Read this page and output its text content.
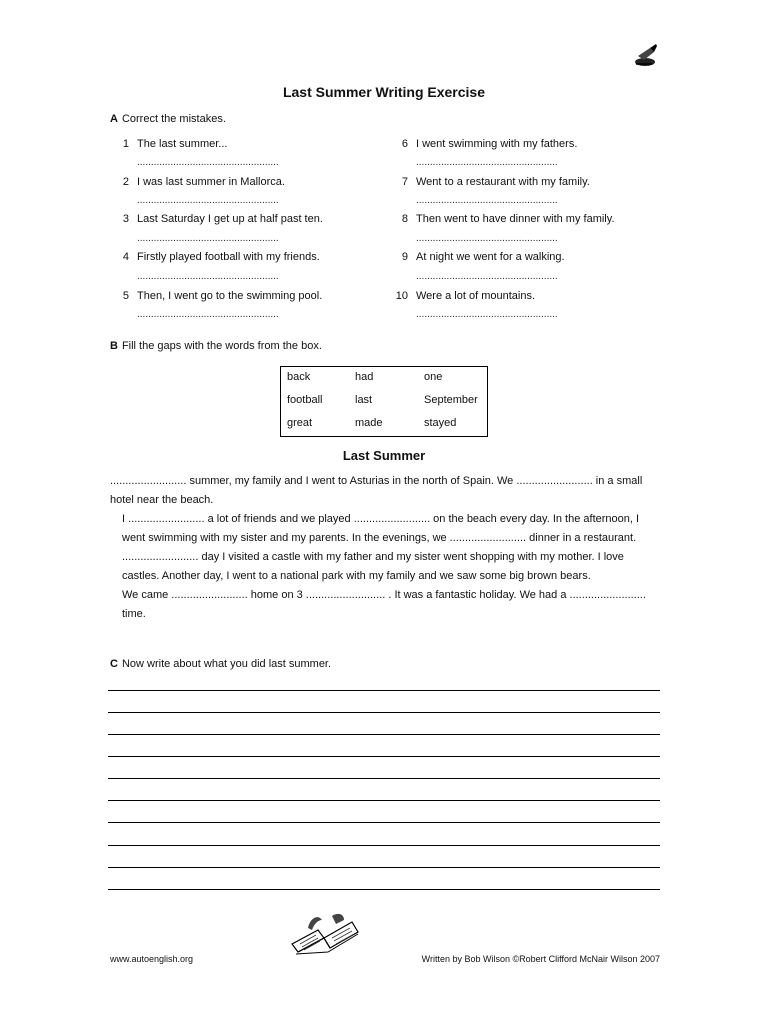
Last Summer Writing Exercise
A Correct the mistakes.
1 The last summer...
...................................................
2 I was last summer in Mallorca.
...................................................
3 Last Saturday I get up at half past ten.
...................................................
4 Firstly played football with my friends.
...................................................
5 Then, I went go to the swimming pool.
...................................................
6 I went swimming with my fathers.
...................................................
7 Went to a restaurant with my family.
...................................................
8 Then went to have dinner with my family.
...................................................
9 At night we went for a walking.
...................................................
10 Were a lot of mountains.
...................................................
B Fill the gaps with the words from the box.
back	had	one
football	last	September
great	made	stayed
Last Summer

......................... summer, my family and I went to Asturias in the north of Spain. We ......................... in a small hotel near the beach.

I ......................... a lot of friends and we played ......................... on the beach every day. In the afternoon, I went swimming with my sister and my parents. In the evenings, we ......................... dinner in a restaurant.

......................... day I visited a castle with my father and my sister went shopping with my mother. I love castles. Another day, I went to a national park with my family and we saw some big brown bears.

We came ......................... home on 3 .......................... . It was a fantastic holiday. We had a ......................... time.

C Now write about what you did last summer.
www.autoenglish.org	Written by Bob Wilson ©Robert Clifford McNair Wilson 2007
